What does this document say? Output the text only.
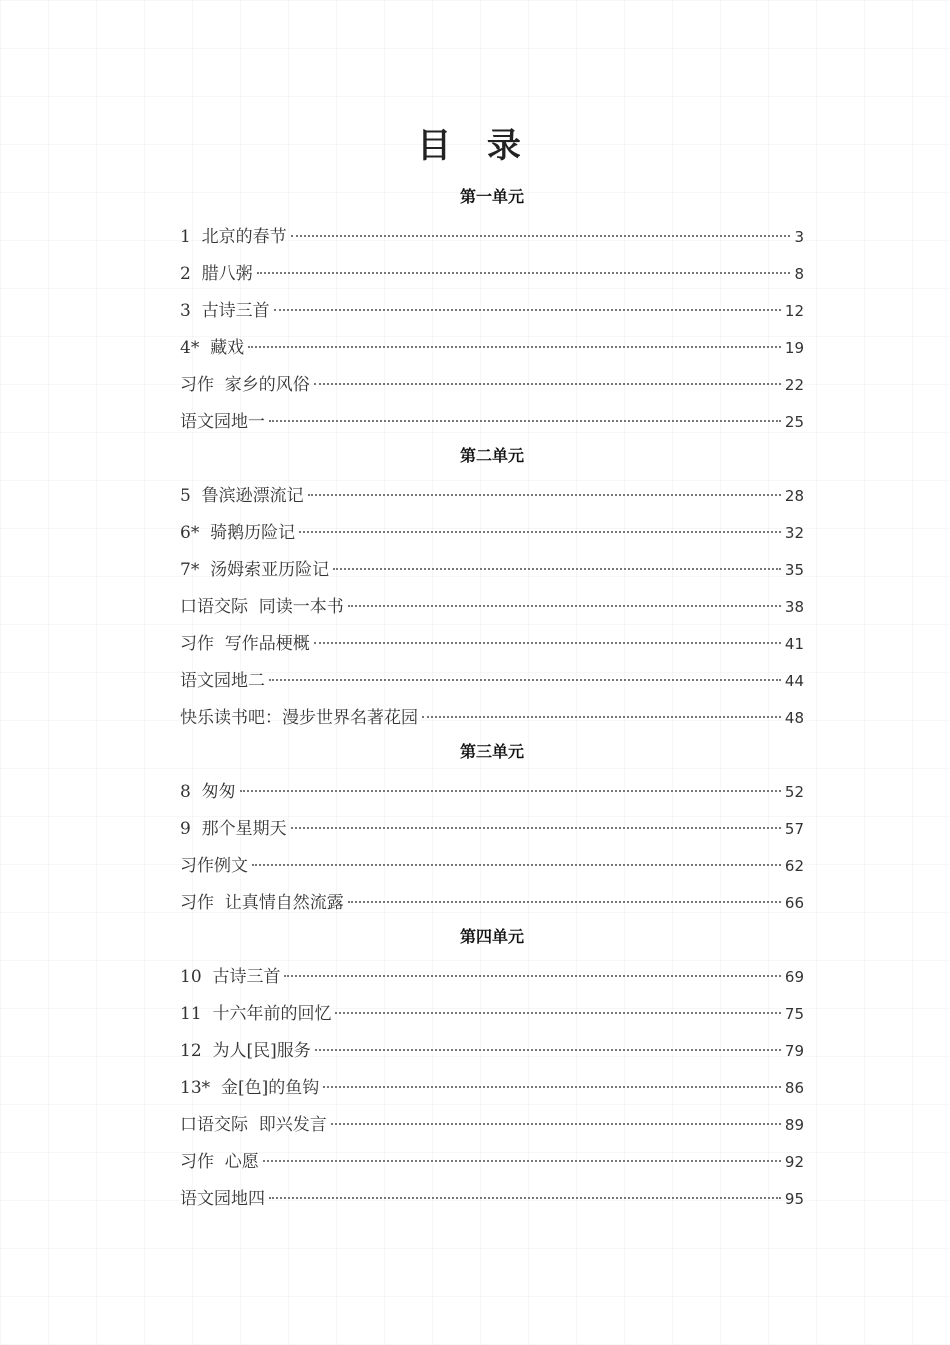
目 录
第一单元
1  北京的春节	3
2  腊八粥	8
3  古诗三首	12
4*  藏戏	19
习作  家乡的风俗	22
语文园地一	25
第二单元
5  鲁滨逊漂流记	28
6*  骑鹅历险记	32
7*  汤姆索亚历险记	35
口语交际  同读一本书	38
习作  写作品梗概	41
语文园地二	44
快乐读书吧：漫步世界名著花园	48
第三单元
8  匆匆	52
9  那个星期天	57
习作例文	62
习作  让真情自然流露	66
第四单元
10  古诗三首	69
11  十六年前的回忆	75
12  为人[民]服务	79
13*  金[色]的鱼钩	86
口语交际  即兴发言	89
习作  心愿	92
语文园地四	95
